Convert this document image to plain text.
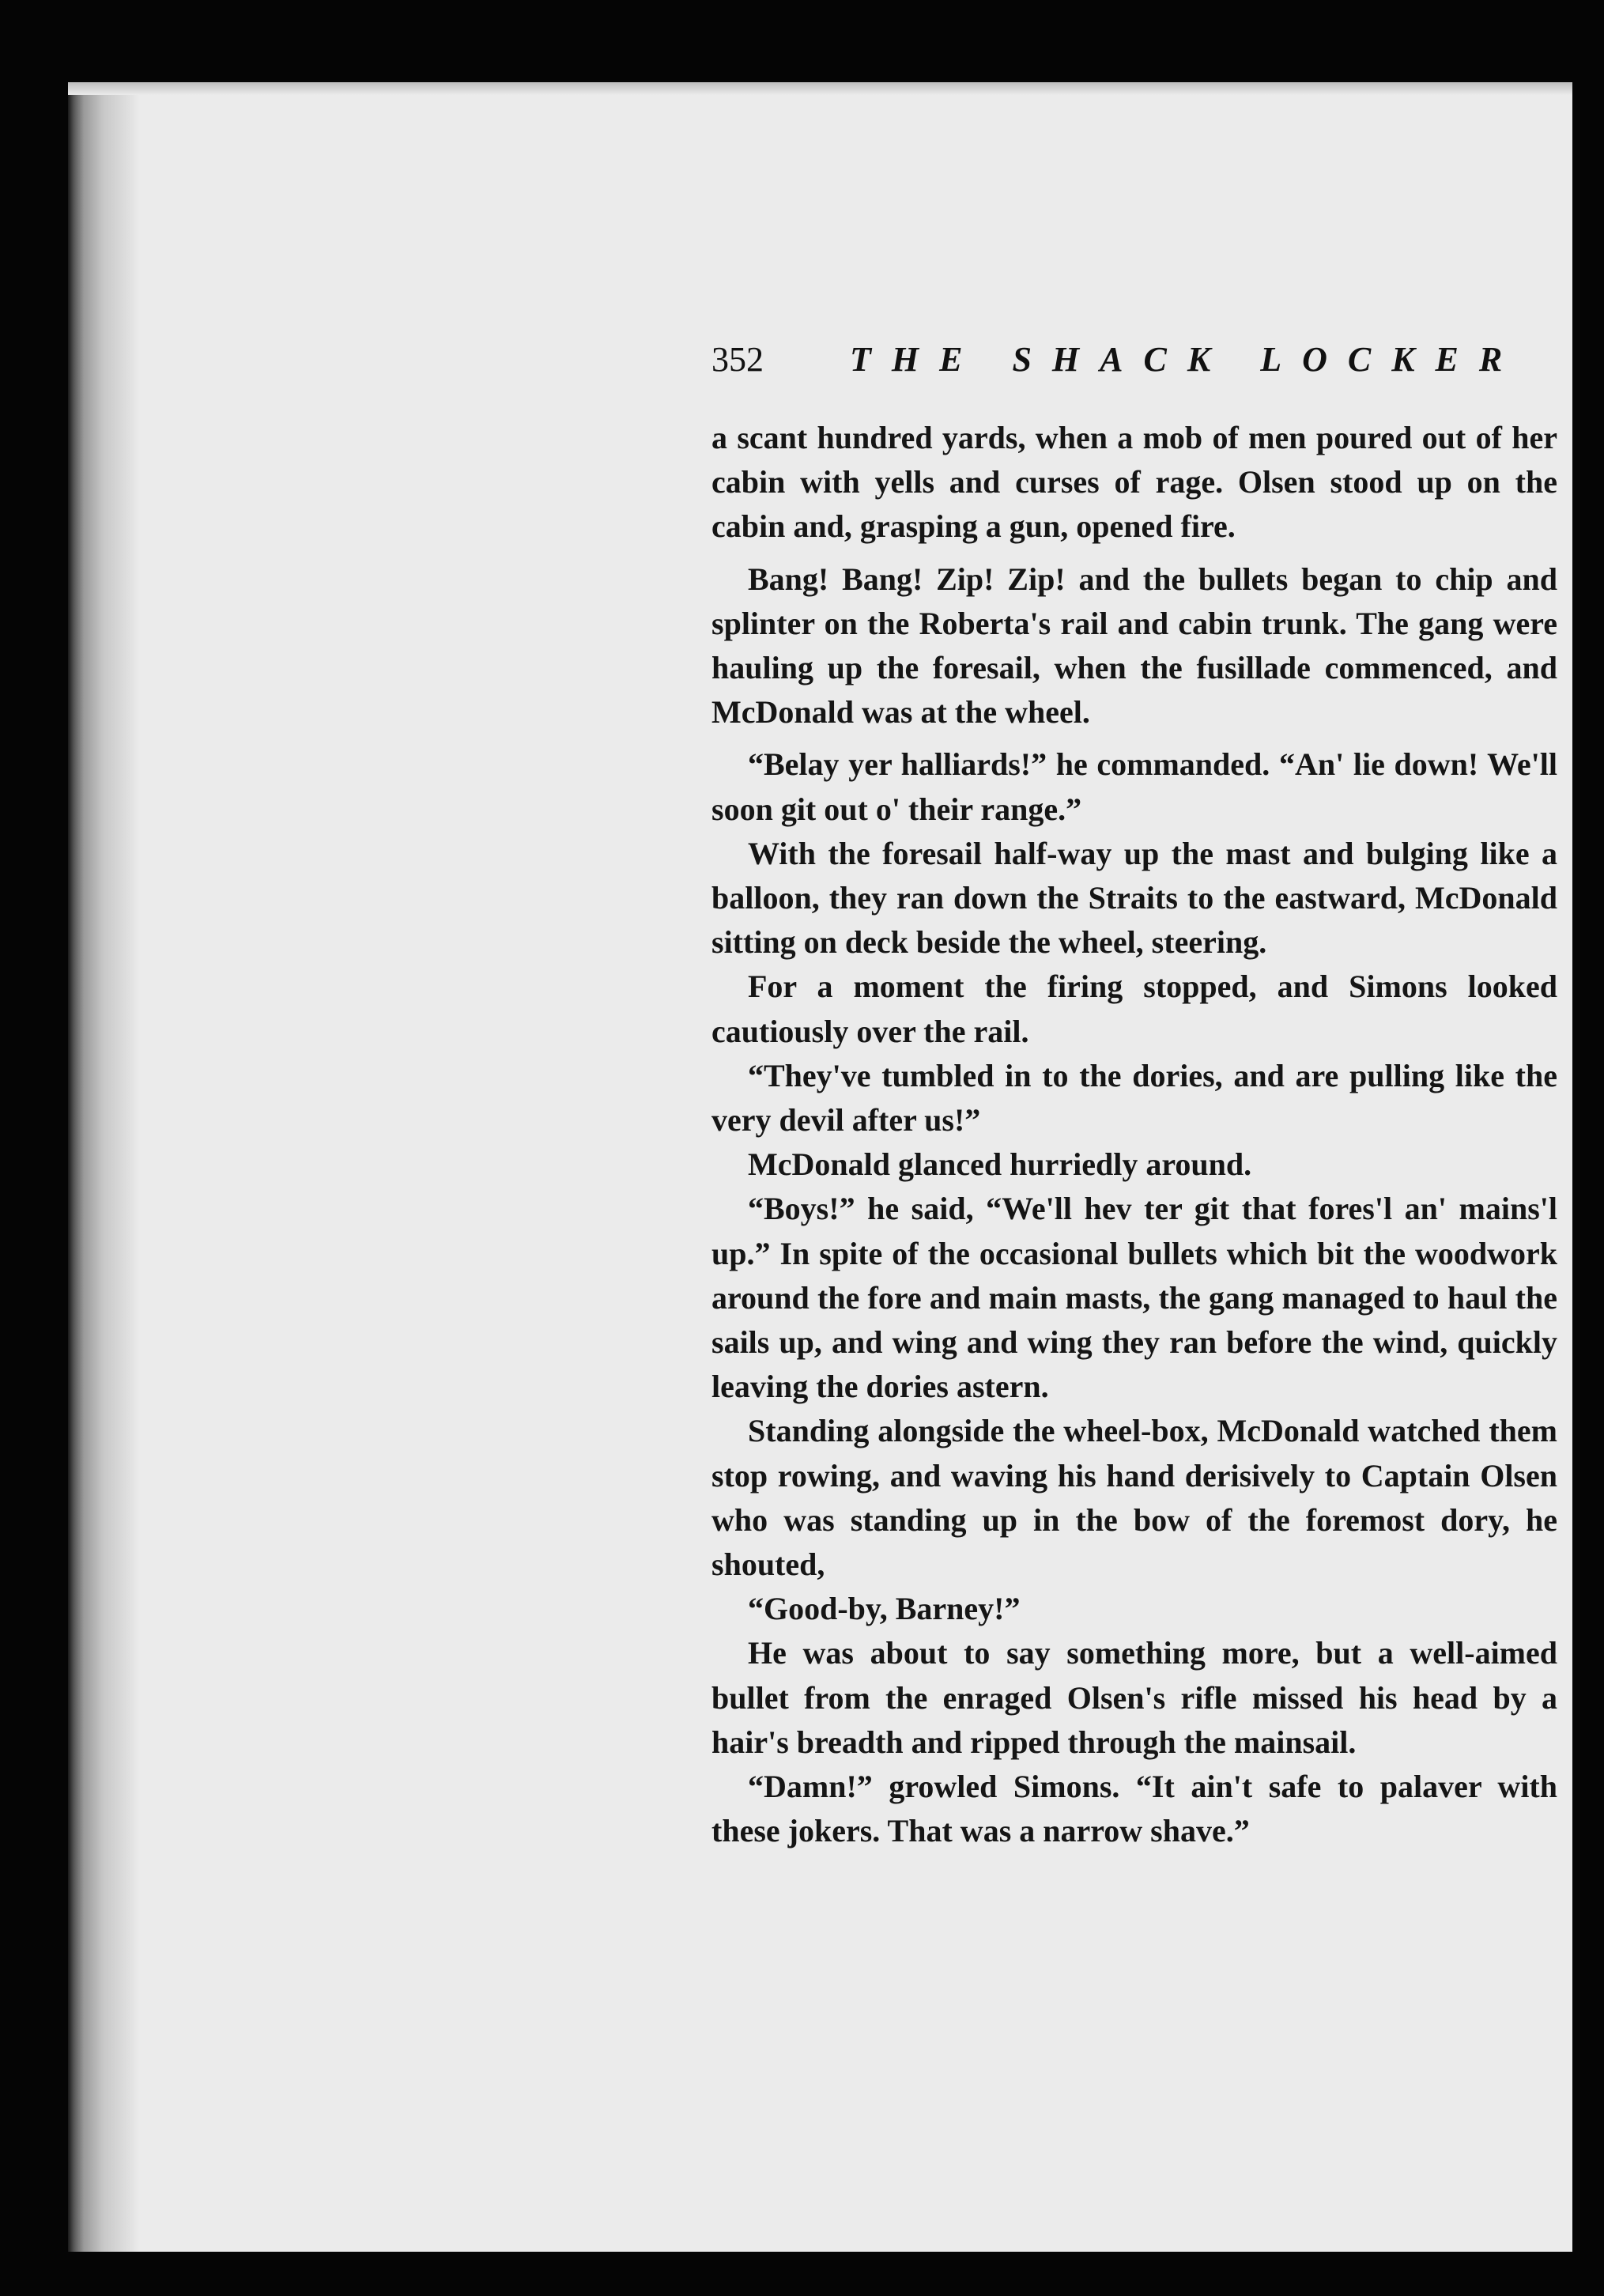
352 THE SHACK LOCKER

a scant hundred yards, when a mob of men poured out of her cabin with yells and curses of rage. Olsen stood up on the cabin and, grasping a gun, opened fire.

Bang! Bang! Zip! Zip! and the bullets began to chip and splinter on the Roberta's rail and cabin trunk. The gang were hauling up the foresail, when the fusillade commenced, and McDonald was at the wheel.

“Belay yer halliards!” he commanded. “An' lie down! We'll soon git out o' their range.”

With the foresail half-way up the mast and bulging like a balloon, they ran down the Straits to the eastward, McDonald sitting on deck beside the wheel, steering.

For a moment the firing stopped, and Simons looked cautiously over the rail.

“They've tumbled in to the dories, and are pulling like the very devil after us!”

McDonald glanced hurriedly around.

“Boys!” he said, “We'll hev ter git that fores'l an' mains'l up.” In spite of the occasional bullets which bit the woodwork around the fore and main masts, the gang managed to haul the sails up, and wing and wing they ran before the wind, quickly leaving the dories astern.

Standing alongside the wheel-box, McDonald watched them stop rowing, and waving his hand derisively to Captain Olsen who was standing up in the bow of the foremost dory, he shouted,

“Good-by, Barney!”

He was about to say something more, but a well-aimed bullet from the enraged Olsen's rifle missed his head by a hair's breadth and ripped through the mainsail.

“Damn!” growled Simons. “It ain't safe to palaver with these jokers. That was a narrow shave.”
